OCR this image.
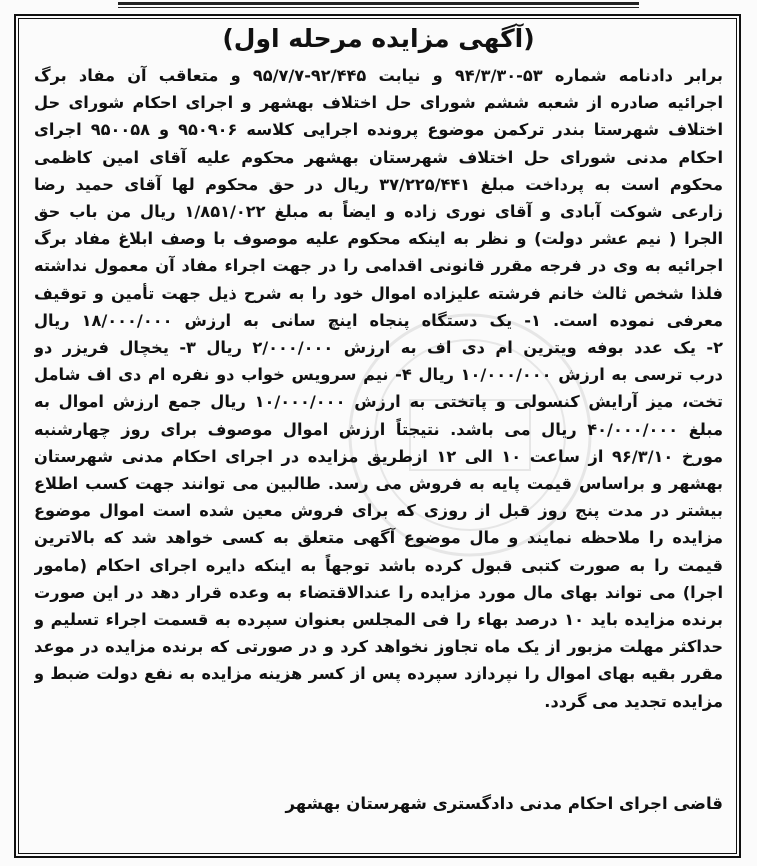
(آگهی مزایده مرحله اول)

برابر دادنامه شماره ۵۳-۹۴/۳/۳۰ و نیابت ۹۲/۴۴۵-۹۵/۷/۷ و متعاقب آن مفاد برگ

اجرائیه صادره از شعبه ششم شورای حل اختلاف بهشهر و اجرای احکام شورای حل

اختلاف شهرستا بندر ترکمن موضوع پرونده اجرایی کلاسه ۹۵۰۹۰۶ و ۹۵۰۰۵۸ اجرای

احکام مدنی شورای حل اختلاف شهرستان بهشهر محکوم علیه آقای امین کاظمی

محکوم است به پرداخت مبلغ ۳۷/۲۲۵/۴۴۱ ریال در حق محکوم لها آقای حمید رضا

زارعی شوکت آبادی و آقای نوری زاده و ایضاً به مبلغ ۱/۸۵۱/۰۲۲ ریال من باب حق

الجرا ( نیم عشر دولت) و نظر به اینکه محکوم علیه موصوف با وصف ابلاغ مفاد برگ

اجرائیه به وی در فرجه مقرر قانونی اقدامی را در جهت اجراء مفاد آن معمول نداشته

فلذا شخص ثالث خانم فرشته علیزاده اموال خود را به شرح ذیل جهت تأمین و توقیف

معرفی نموده است. ۱- یک دستگاه پنجاه اینچ سانی به ارزش ۱۸/۰۰۰/۰۰۰ ریال

۲- یک عدد بوفه ویترین ام دی اف به ارزش ۲/۰۰۰/۰۰۰ ریال ۳- یخچال فریزر دو

درب ترسی به ارزش ۱۰/۰۰۰/۰۰۰ ریال ۴- نیم سرویس خواب دو نفره ام دی اف شامل

تخت، میز آرایش کنسولی و پاتختی به ارزش ۱۰/۰۰۰/۰۰۰ ریال جمع ارزش اموال به

مبلغ ۴۰/۰۰۰/۰۰۰ ریال می باشد. نتیجتاً ارزش اموال موصوف برای روز چهارشنبه

مورخ ۹۶/۳/۱۰ از ساعت ۱۰ الی ۱۲ ازطریق مزایده در اجرای احکام مدنی شهرستان

بهشهر و براساس قیمت پایه به فروش می رسد. طالبین می توانند جهت کسب اطلاع

بیشتر در مدت پنج روز قبل از روزی که برای فروش معین شده است اموال موضوع

مزایده را ملاحظه نمایند و مال موضوع آگهی متعلق به کسی خواهد شد که بالاترین

قیمت را به صورت کتبی قبول کرده باشد توجهاً به اینکه دایره اجرای احکام (مامور

اجرا) می تواند بهای مال مورد مزایده را عندالاقتضاء به وعده قرار دهد در این صورت

برنده مزایده باید ۱۰ درصد بهاء را فی المجلس بعنوان سپرده به قسمت اجراء تسلیم و

حداکثر مهلت مزبور از یک ماه تجاوز نخواهد کرد و در صورتی که برنده مزایده در موعد

مقرر بقیه بهای اموال را نپردازد سپرده پس از کسر هزینه مزایده به نفع دولت ضبط و

مزایده تجدید می گردد.

قاضی اجرای احکام مدنی دادگستری شهرستان بهشهر
